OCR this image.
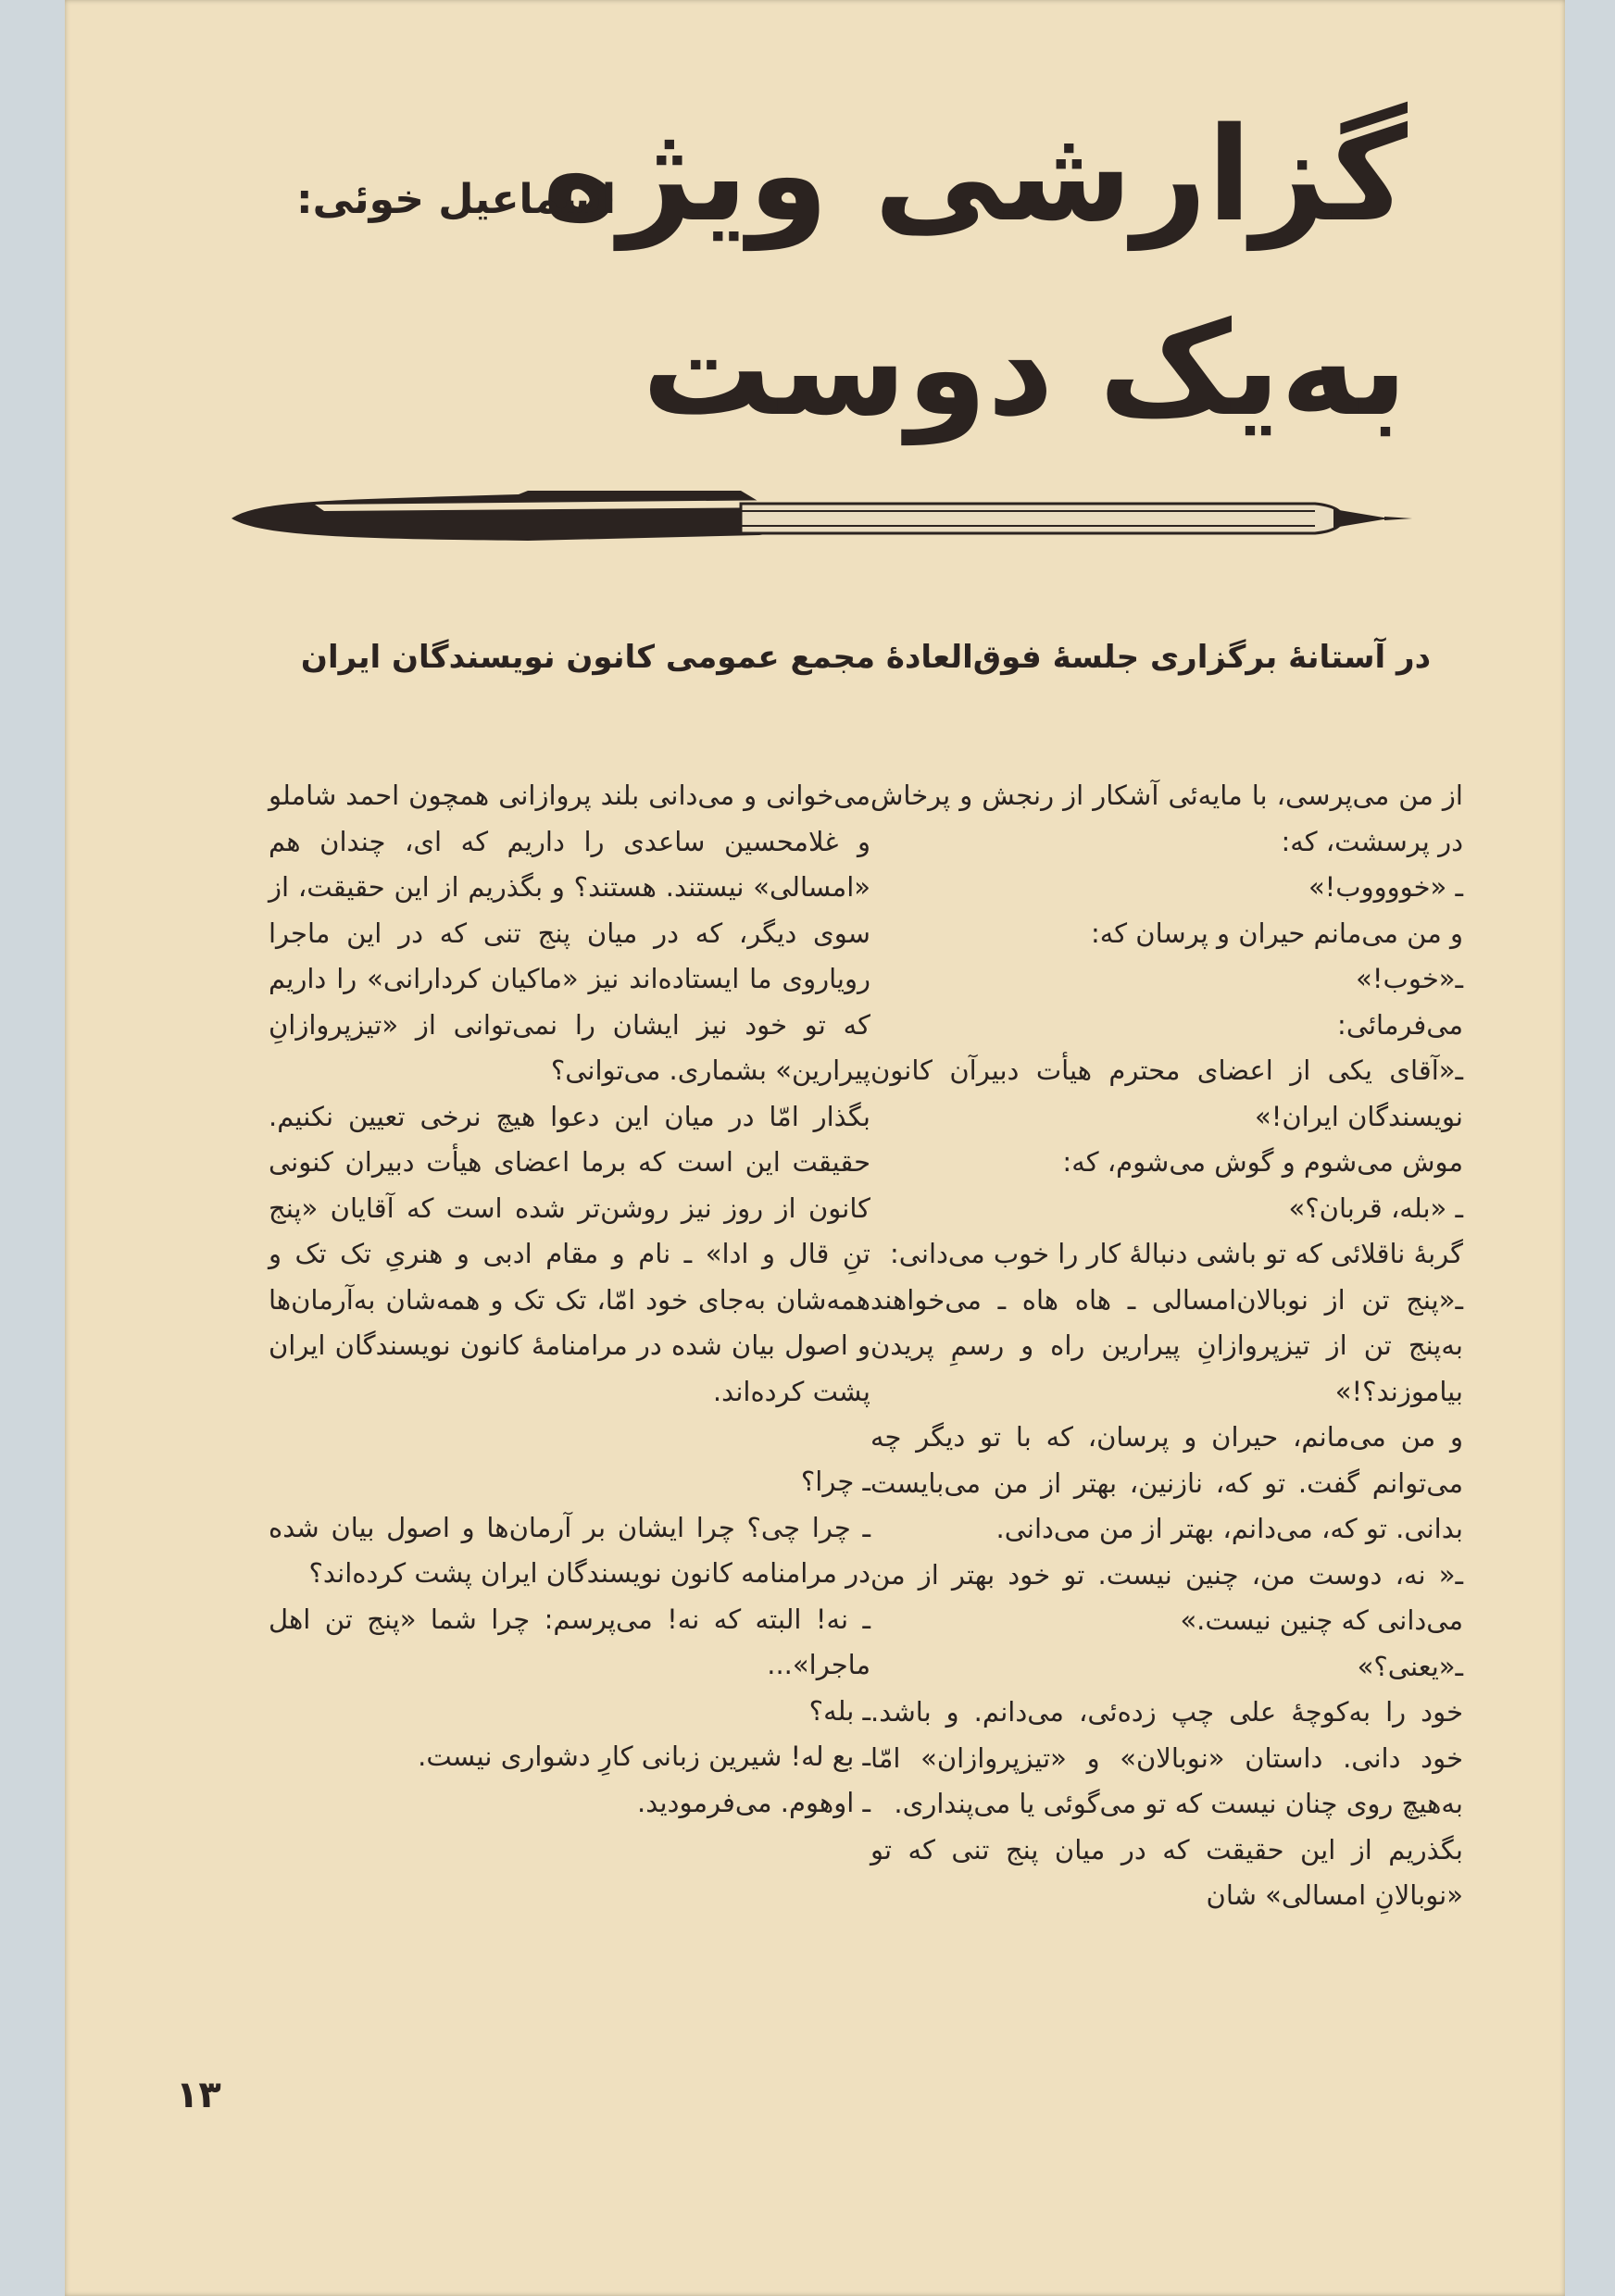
گزارشی ویژه
به‌یک دوست
اسماعیل خوئی:
در آستانهٔ برگزاری جلسهٔ فوق‌العادهٔ مجمع عمومی کانون نویسندگان ایران

از من می‌پرسی، با مایه‌ئی آشکار از رنجش و پرخاش در پرسشت، که:

ـ «خووووب!»

و من می‌مانم حیران و پرسان که:

ـ«خوب!»

می‌فرمائی:

ـ«آقای یکی از اعضای محترم هیأت دبیرآن کانون نویسندگان ایران!»

موش می‌شوم و گوش می‌شوم، که:

ـ «بله، قربان؟»

گربهٔ ناقلائی که تو باشی دنبالهٔ کار را خوب می‌دانی:

ـ«پنج تن از نوبالان‌امسالی ـ هاه هاه ـ می‌خواهند به‌پنج تن از تیزپروازانِ پیرارین راه و رسمِ پریدن بیاموزند؟!»

و من می‌مانم، حیران و پرسان، که با تو دیگر چه می‌توانم گفت. تو که، نازنین، بهتر از من می‌بایست بدانی. تو که، می‌دانم، بهتر از من می‌دانی.

ـ« نه، دوست من، چنین نیست. تو خود بهتر از من می‌دانی که چنین نیست.»

ـ«یعنی؟»

خود را به‌کوچهٔ علی چپ زده‌ئی، می‌دانم. و باشد. خود دانی. داستان «نوبالان» و «تیزپروازان» امّا به‌هیچ روی چنان نیست که تو می‌گوئی یا می‌پنداری.

بگذریم از این حقیقت که در میان پنج تنی که تو «نوبالانِ امسالی» شان

می‌خوانی و می‌دانی بلند پروازانی همچون احمد شاملو و غلامحسین ساعدی را داریم که ای، چندان هم «امسالی» نیستند. هستند؟ و بگذریم از این حقیقت، از سوی دیگر، که در میان پنج تنی که در این ماجرا رویاروی ما ایستاده‌اند نیز «ماکیان کردارانی» را داریم که تو خود نیز ایشان را نمی‌توانی از «تیزپروازانِ پیرارین» بشماری. می‌توانی؟

بگذار امّا در میان این دعوا هیچ نرخی تعیین نکنیم. حقیقت این است که برما اعضای هیأت دبیران کنونی کانون از روز نیز روشن‌تر شده است که آقایان «پنج تنِ قال و ادا» ـ نام و مقام ادبی و هنریِ تک تک و همه‌شان به‌جای خود امّا، تک تک و همه‌شان به‌آرمان‌ها و اصول بیان شده در مرامنامهٔ کانون نویسندگان ایران پشت کرده‌اند.

ـ چرا؟

ـ چرا چی؟ چرا ایشان بر آرمان‌ها و اصول بیان شده در مرامنامه کانون نویسندگان ایران پشت کرده‌اند؟

ـ نه! البته که نه! می‌پرسم: چرا شما «پنج تن اهل ماجرا»...

ـ بله؟

ـ بع له! شیرین زبانی کارِ دشواری نیست.

ـ اوهوم. می‌فرمودید.

۱۳
